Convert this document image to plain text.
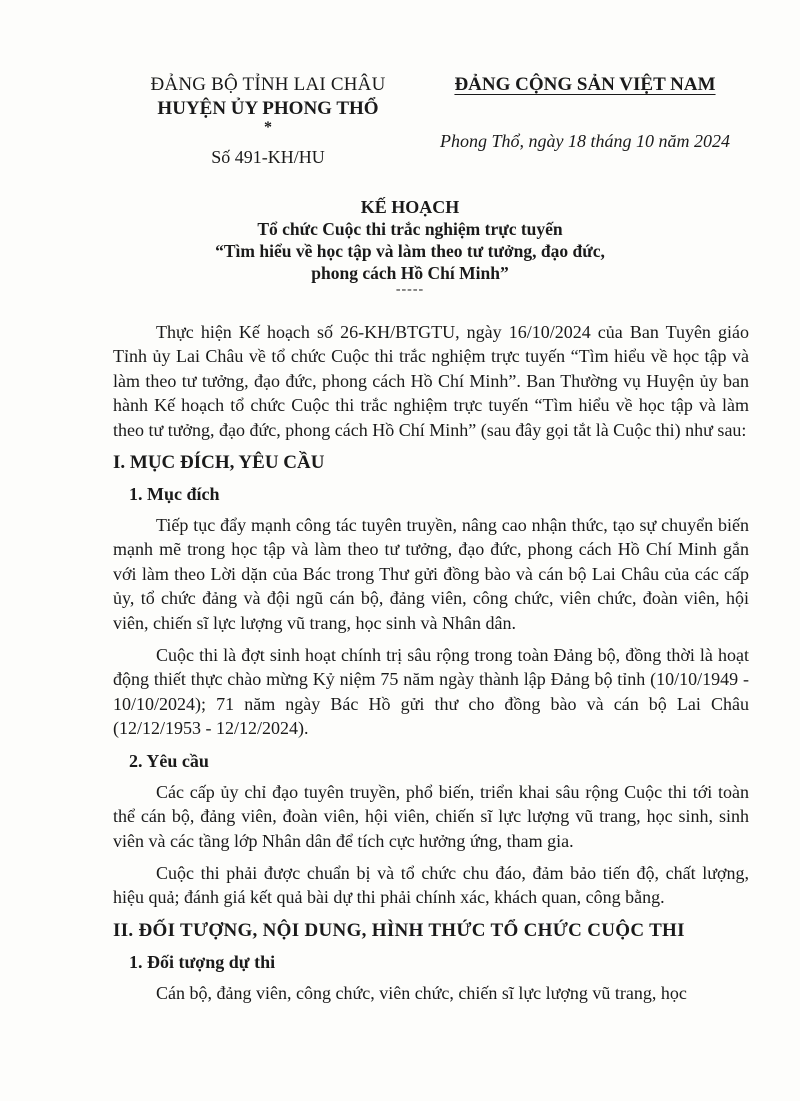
ĐẢNG BỘ TỈNH LAI CHÂU
HUYỆN ỦY PHONG THỔ
*
Số 491-KH/HU
ĐẢNG CỘNG SẢN VIỆT NAM
Phong Thổ, ngày 18 tháng 10 năm 2024
KẾ HOẠCH
Tổ chức Cuộc thi trắc nghiệm trực tuyến
“Tìm hiểu về học tập và làm theo tư tưởng, đạo đức,
phong cách Hồ Chí Minh”
-----

Thực hiện Kế hoạch số 26-KH/BTGTU, ngày 16/10/2024 của Ban Tuyên giáo Tỉnh ủy Lai Châu về tổ chức Cuộc thi trắc nghiệm trực tuyến “Tìm hiểu về học tập và làm theo tư tưởng, đạo đức, phong cách Hồ Chí Minh”. Ban Thường vụ Huyện ủy ban hành Kế hoạch tổ chức Cuộc thi trắc nghiệm trực tuyến “Tìm hiểu về học tập và làm theo tư tưởng, đạo đức, phong cách Hồ Chí Minh” (sau đây gọi tắt là Cuộc thi) như sau:

I. MỤC ĐÍCH, YÊU CẦU
1. Mục đích

Tiếp tục đẩy mạnh công tác tuyên truyền, nâng cao nhận thức, tạo sự chuyển biến mạnh mẽ trong học tập và làm theo tư tưởng, đạo đức, phong cách Hồ Chí Minh gắn với làm theo Lời dặn của Bác trong Thư gửi đồng bào và cán bộ Lai Châu của các cấp ủy, tổ chức đảng và đội ngũ cán bộ, đảng viên, công chức, viên chức, đoàn viên, hội viên, chiến sĩ lực lượng vũ trang, học sinh và Nhân dân.

Cuộc thi là đợt sinh hoạt chính trị sâu rộng trong toàn Đảng bộ, đồng thời là hoạt động thiết thực chào mừng Kỷ niệm 75 năm ngày thành lập Đảng bộ tỉnh (10/10/1949 - 10/10/2024); 71 năm ngày Bác Hồ gửi thư cho đồng bào và cán bộ Lai Châu (12/12/1953 - 12/12/2024).

2. Yêu cầu

Các cấp ủy chỉ đạo tuyên truyền, phổ biến, triển khai sâu rộng Cuộc thi tới toàn thể cán bộ, đảng viên, đoàn viên, hội viên, chiến sĩ lực lượng vũ trang, học sinh, sinh viên và các tầng lớp Nhân dân để tích cực hưởng ứng, tham gia.

Cuộc thi phải được chuẩn bị và tổ chức chu đáo, đảm bảo tiến độ, chất lượng, hiệu quả; đánh giá kết quả bài dự thi phải chính xác, khách quan, công bằng.

II. ĐỐI TƯỢNG, NỘI DUNG, HÌNH THỨC TỔ CHỨC CUỘC THI
1. Đối tượng dự thi

Cán bộ, đảng viên, công chức, viên chức, chiến sĩ lực lượng vũ trang, học
